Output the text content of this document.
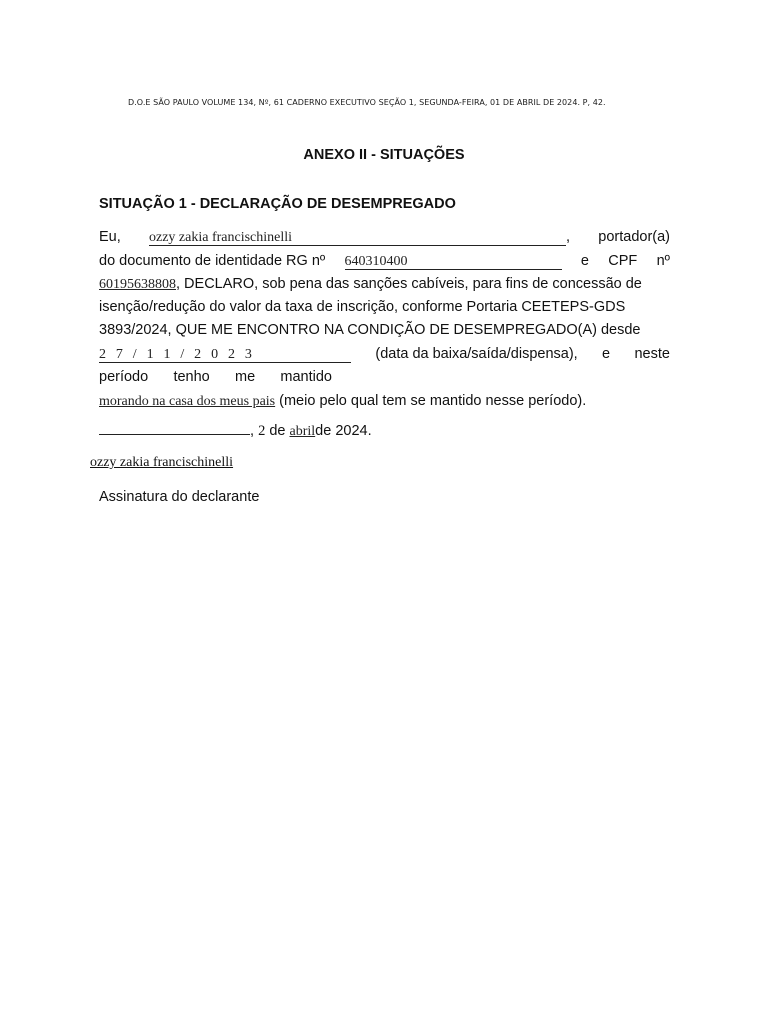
D.O.E SÃO PAULO VOLUME 134, Nº, 61 CADERNO EXECUTIVO SEÇÃO 1, SEGUNDA-FEIRA, 01 DE ABRIL DE 2024. P, 42.
ANEXO II - SITUAÇÕES
SITUAÇÃO 1 - DECLARAÇÃO DE DESEMPREGADO
Eu, ozzy zakia francischinelli	, portador(a)
do documento de identidade RG nº 640310400	e CPF nº
60195638808, DECLARO, sob pena das sanções cabíveis, para fins de concessão de
isenção/redução do valor da taxa de inscrição, conforme Portaria CEETEPS-GDS
3893/2024, QUE ME ENCONTRO NA CONDIÇÃO DE DESEMPREGADO(A) desde
2 7 / 1 1 / 2 0 2 3	(data da baixa/saída/dispensa), e neste
período tenho me mantido
morando na casa dos meus pais (meio pelo qual tem se mantido nesse período).
, 2 de abrilde 2024.
ozzy zakia francischinelli
Assinatura do declarante
